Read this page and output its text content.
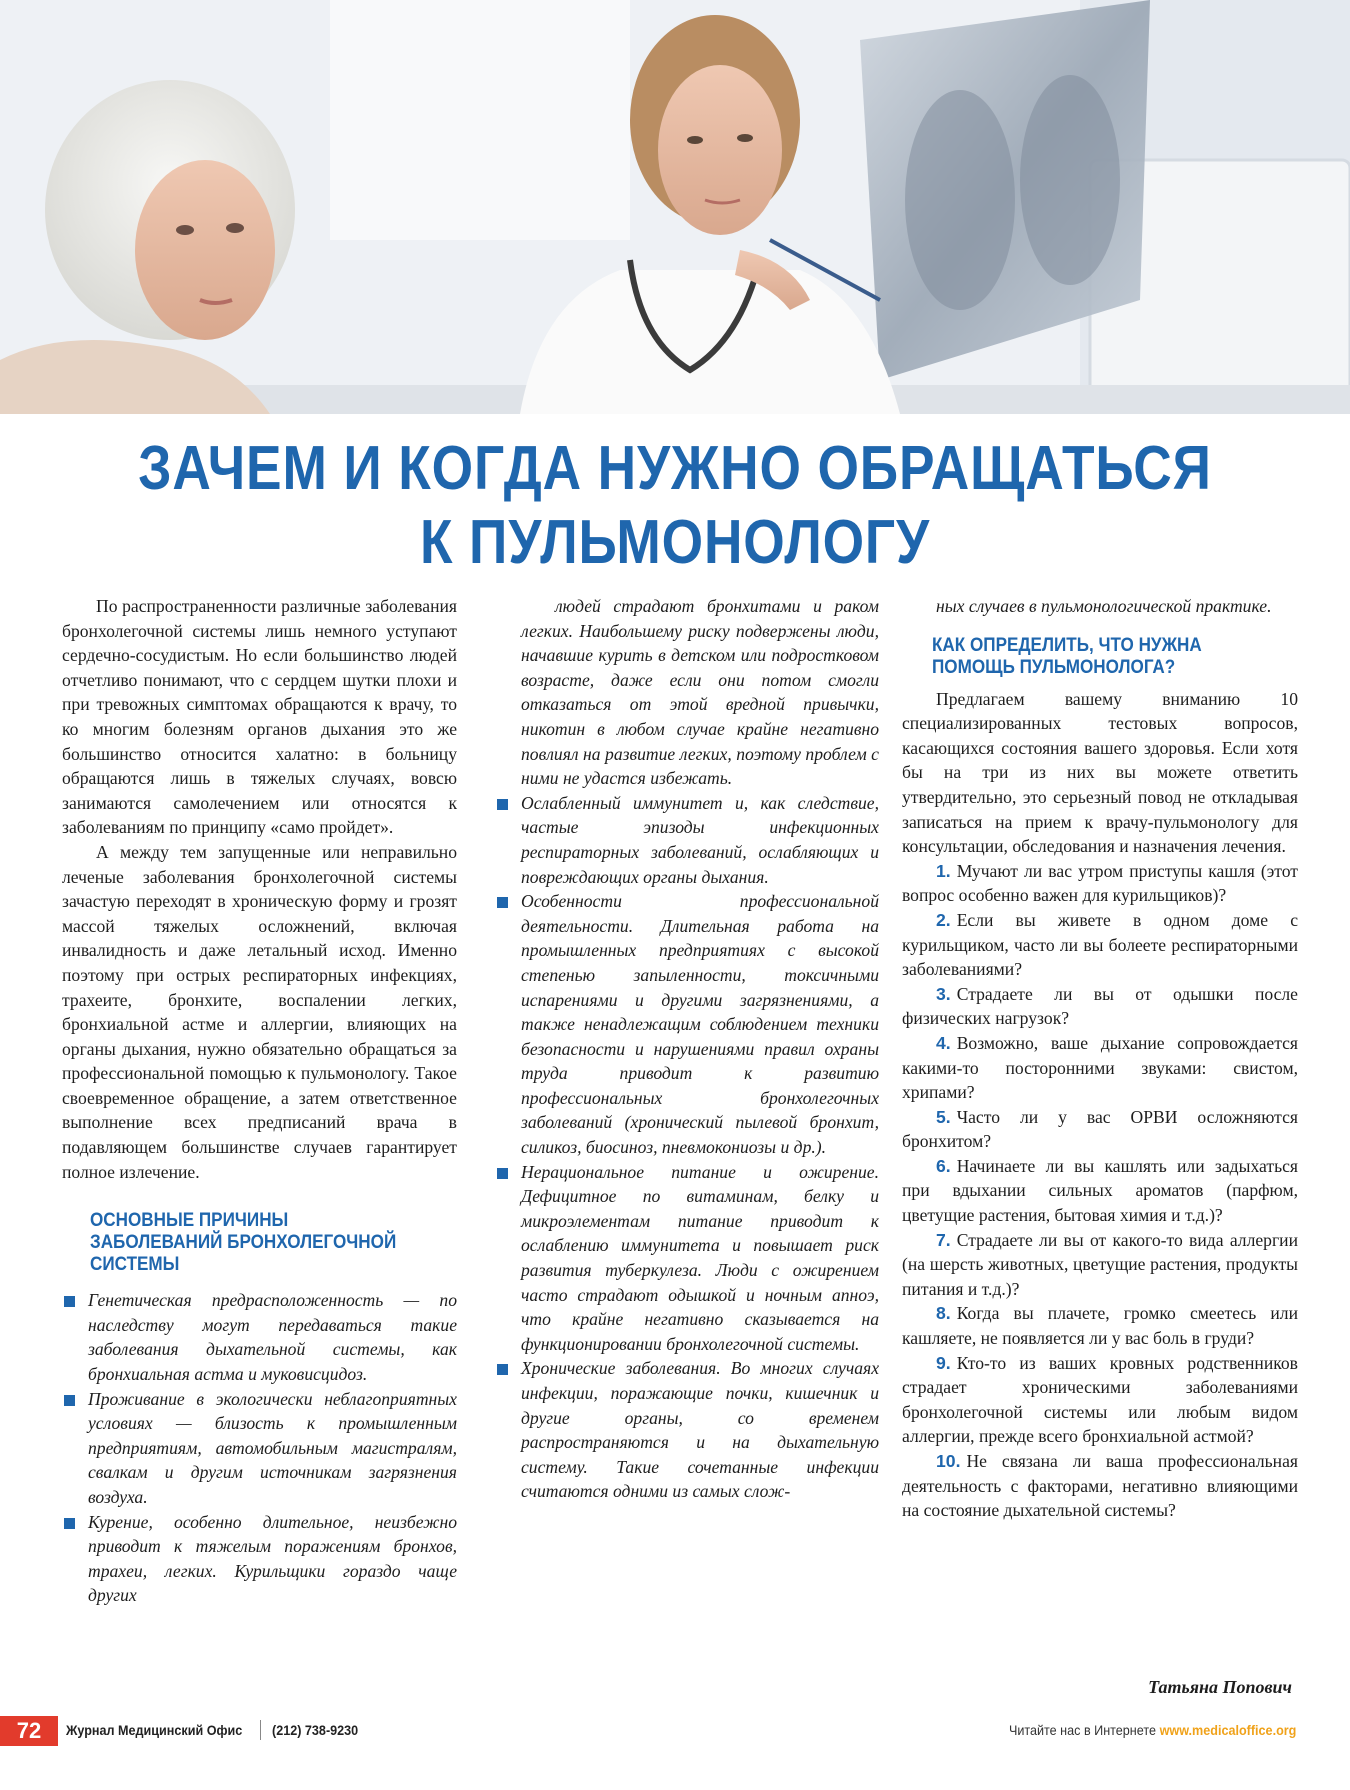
ЗАЧЕМ И КОГДА НУЖНО ОБРАЩАТЬСЯ
К ПУЛЬМОНОЛОГУ

По распространенности различные заболевания бронхолегочной системы лишь немного уступают сердечно-сосудистым. Но если большинство людей отчетливо понимают, что с сердцем шутки плохи и при тревожных симптомах обращаются к врачу, то ко многим болезням органов дыхания это же большинство относится халатно: в больницу обращаются лишь в тяжелых случаях, вовсю занимаются самолечением или относятся к заболеваниям по принципу «само пройдет».

А между тем запущенные или неправильно леченые заболевания бронхолегочной системы зачастую переходят в хроническую форму и грозят массой тяжелых осложнений, включая инвалидность и даже летальный исход. Именно поэтому при острых респираторных инфекциях, трахеите, бронхите, воспалении легких, бронхиальной астме и аллергии, влияющих на органы дыхания, нужно обязательно обращаться за профессиональной помощью к пульмонологу. Такое своевременное обращение, а затем ответственное выполнение всех предписаний врача в подавляющем большинстве случаев гарантирует полное излечение.

ОСНОВНЫЕ ПРИЧИНЫ ЗАБОЛЕВАНИЙ БРОНХОЛЕГОЧНОЙ СИСТЕМЫ
Генетическая предрасположенность — по наследству могут передаваться такие заболевания дыхательной системы, как бронхиальная астма и муковисцидоз.
Проживание в экологически неблагоприятных условиях — близость к промышленным предприятиям, автомобильным магистралям, свалкам и другим источникам загрязнения воздуха.
Курение, особенно длительное, неизбежно приводит к тяжелым поражениям бронхов, трахеи, легких. Курильщики гораздо чаще других

людей страдают бронхитами и раком легких. Наибольшему риску подвержены люди, начавшие курить в детском или подростковом возрасте, даже если они потом смогли отказаться от этой вредной привычки, никотин в любом случае крайне негативно повлиял на развитие легких, поэтому проблем с ними не удастся избежать.

Ослабленный иммунитет и, как следствие, частые эпизоды инфекционных респираторных заболеваний, ослабляющих и повреждающих органы дыхания.
Особенности профессиональной деятельности. Длительная работа на промышленных предприятиях с высокой степенью запыленности, токсичными испарениями и другими загрязнениями, а также ненадлежащим соблюдением техники безопасности и нарушениями правил охраны труда приводит к развитию профессиональных бронхолегочных заболеваний (хронический пылевой бронхит, силикоз, биосиноз, пневмокониозы и др.).
Нерациональное питание и ожирение. Дефицитное по витаминам, белку и микроэлементам питание приводит к ослаблению иммунитета и повышает риск развития туберкулеза. Люди с ожирением часто страдают одышкой и ночным апноэ, что крайне негативно сказывается на функционировании бронхолегочной системы.
Хронические заболевания. Во многих случаях инфекции, поражающие почки, кишечник и другие органы, со временем распространяются и на дыхательную систему. Такие сочетанные инфекции считаются одними из самых слож-

ных случаев в пульмонологической практике.

КАК ОПРЕДЕЛИТЬ, ЧТО НУЖНА ПОМОЩЬ ПУЛЬМОНОЛОГА?

Предлагаем вашему вниманию 10 специализированных тестовых вопросов, касающихся состояния вашего здоровья. Если хотя бы на три из них вы можете ответить утвердительно, это серьезный повод не откладывая записаться на прием к врачу-пульмонологу для консультации, обследования и назначения лечения.

1. Мучают ли вас утром приступы кашля (этот вопрос особенно важен для курильщиков)?

2. Если вы живете в одном доме с курильщиком, часто ли вы болеете респираторными заболеваниями?

3. Страдаете ли вы от одышки после физических нагрузок?

4. Возможно, ваше дыхание сопровождается какими-то посторонними звуками: свистом, хрипами?

5. Часто ли у вас ОРВИ осложняются бронхитом?

6. Начинаете ли вы кашлять или задыхаться при вдыхании сильных ароматов (парфюм, цветущие растения, бытовая химия и т.д.)?

7. Страдаете ли вы от какого-то вида аллергии (на шерсть животных, цветущие растения, продукты питания и т.д.)?

8. Когда вы плачете, громко смеетесь или кашляете, не появляется ли у вас боль в груди?

9. Кто-то из ваших кровных родственников страдает хроническими заболеваниями бронхолегочной системы или любым видом аллергии, прежде всего бронхиальной астмой?

10. Не связана ли ваша профессиональная деятельность с факторами, негативно влияющими на состояние дыхательной системы?

Татьяна Попович
72	Журнал Медицинский Офис (212) 738-9230	Читайте нас в Интернете www.medicaloffice.org
